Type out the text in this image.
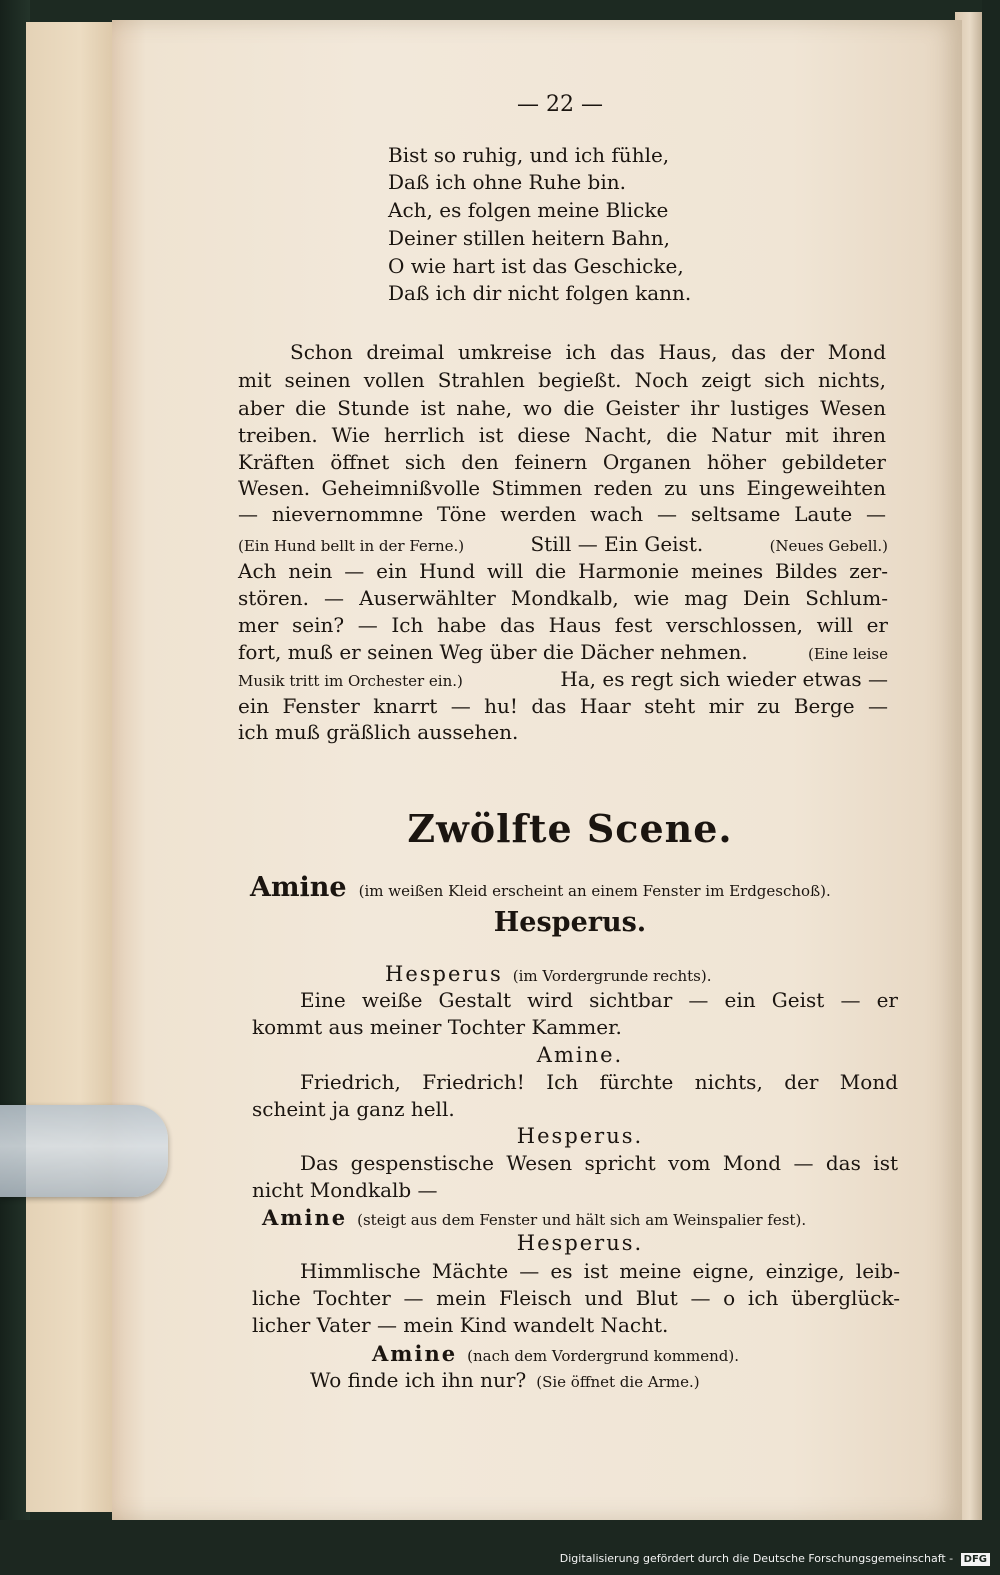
— 22 —
Bist so ruhig, und ich fühle,
Daß ich ohne Ruhe bin.
Ach, es folgen meine Blicke
Deiner stillen heitern Bahn,
O wie hart ist das Geschicke,
Daß ich dir nicht folgen kann.
Schon dreimal umkreise ich das Haus, das der Mond
mit seinen vollen Strahlen begießt. Noch zeigt sich nichts,
aber die Stunde ist nahe, wo die Geister ihr lustiges Wesen
treiben. Wie herrlich ist diese Nacht, die Natur mit ihren
Kräften öffnet sich den feinern Organen höher gebildeter
Wesen. Geheimnißvolle Stimmen reden zu uns Eingeweihten
— nievernommne Töne werden wach — seltsame Laute —
(Ein Hund bellt in der Ferne.)	Still — Ein Geist.	(Neues Gebell.)
Ach nein — ein Hund will die Harmonie meines Bildes zer-
stören. — Auserwählter Mondkalb, wie mag Dein Schlum-
mer sein? — Ich habe das Haus fest verschlossen, will er
fort, muß er seinen Weg über die Dächer nehmen.	(Eine leise
Musik tritt im Orchester ein.)	Ha, es regt sich wieder etwas —
ein Fenster knarrt — hu! das Haar steht mir zu Berge —
ich muß gräßlich aussehen.
Zwölfte Scene.
Amine (im weißen Kleid erscheint an einem Fenster im Erdgeschoß).
Hesperus.
Hesperus (im Vordergrunde rechts).
Eine weiße Gestalt wird sichtbar — ein Geist — er
kommt aus meiner Tochter Kammer.
Amine.
Friedrich, Friedrich! Ich fürchte nichts, der Mond
scheint ja ganz hell.
Hesperus.
Das gespenstische Wesen spricht vom Mond — das ist
nicht Mondkalb —
Amine (steigt aus dem Fenster und hält sich am Weinspalier fest).
Hesperus.
Himmlische Mächte — es ist meine eigne, einzige, leib-
liche Tochter — mein Fleisch und Blut — o ich überglück-
licher Vater — mein Kind wandelt Nacht.
Amine (nach dem Vordergrund kommend).
Wo finde ich ihn nur? (Sie öffnet die Arme.)
Digitalisierung gefördert durch die Deutsche Forschungsgemeinschaft - DFG
